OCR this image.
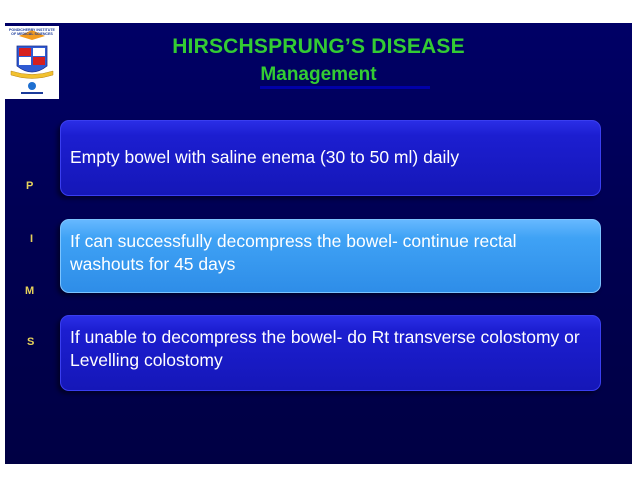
PONDICHERRY INSTITUTE OF MEDICAL SCIENCES
HIRSCHSPRUNG’S DISEASE
Management
P
I
M
S
Empty bowel with saline enema (30 to 50 ml) daily
If can successfully decompress the bowel- continue rectal washouts for 45 days
If unable to decompress the bowel- do Rt transverse colostomy or Levelling colostomy
